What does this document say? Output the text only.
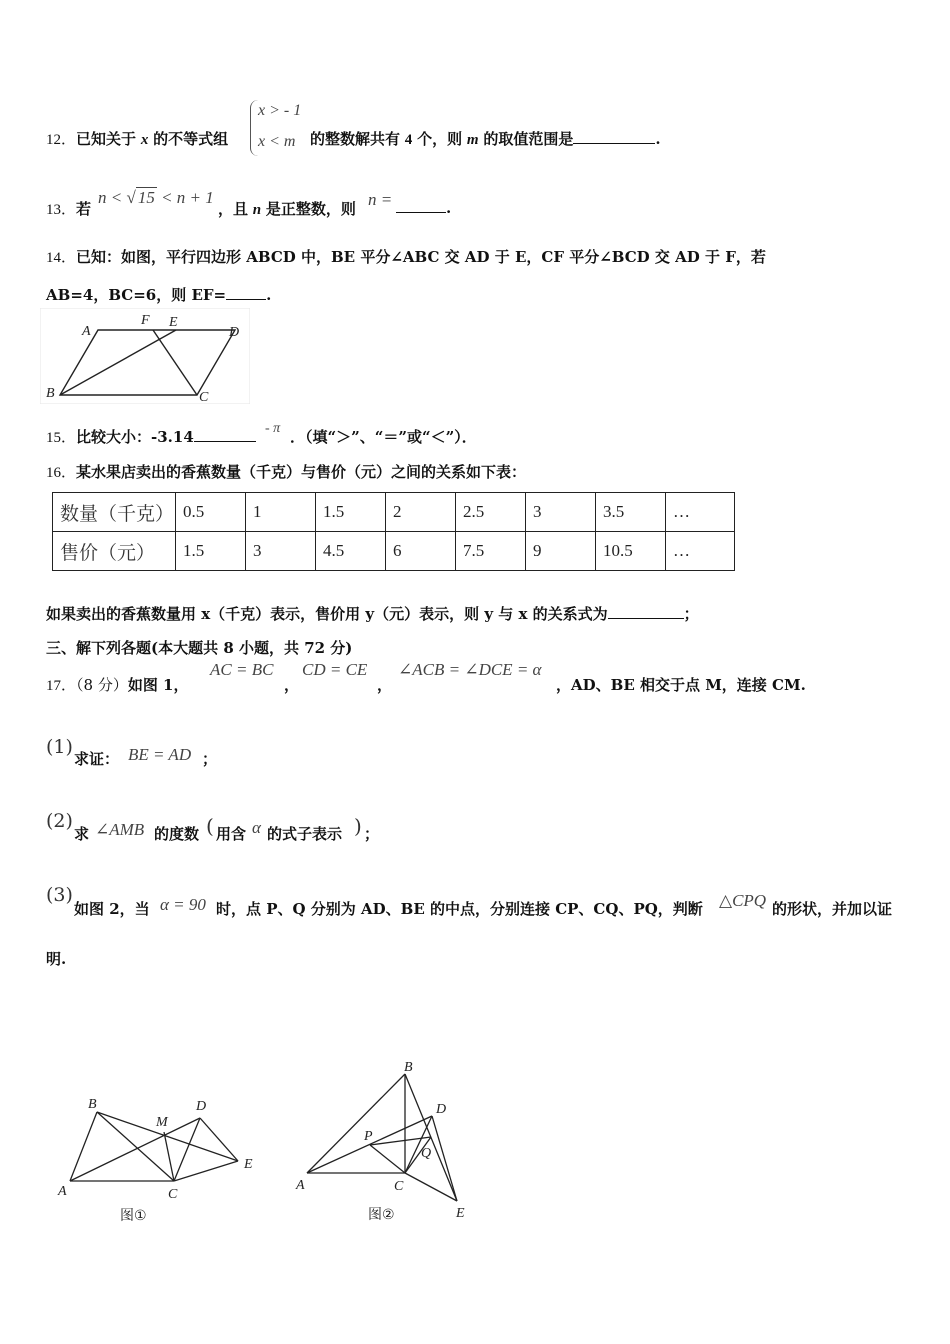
12．已知关于 x 的不等式组
x > - 1
x < m 的整数解共有 4 个，则 m 的取值范围是	.
13．若
n < √ 15 < n + 1
，且 n 是正整数，则 n =	.
14．已知：如图，平行四边形 ABCD 中，BE 平分∠ABC 交 AD 于 E，CF 平分∠BCD 交 AD 于 F，若
AB=4，BC=6，则 EF=	.
A
F E
D
B	C
15．比较大小：-3.14	- π ．（填“＞”、“＝”或“＜”）．
16．某水果店卖出的香蕉数量（千克）与售价（元）之间的关系如下表：
数量（千克）	0.5	1	1.5	2	2.5	3	3.5	…
售价（元）	1.5	3	4.5	6	7.5	9	10.5	…
如果卖出的香蕉数量用 x（千克）表示，售价用 y（元）表示，则 y 与 x 的关系式为	；
三、解下列各题(本大题共 8 小题，共 72 分)
17．（8 分）如图 1，
AC = BC
，
CD = CE
，
∠ACB = ∠DCE = α
，AD、BE 相交于点 M，连接 CM.
(1)
求证： BE = AD ；
(2)
求 ∠AMB 的度数 ( 用含 α 的式子表示 ) ；
(3)
如图 2，当 α = 90 时，点 P、Q 分别为 AD、BE 的中点，分别连接 CP、CQ、PQ，判断 △CPQ 的形状，并加以证
明.
B
M
D
E
A	C
图①
B
D
P
Q
A	C
E
图②
